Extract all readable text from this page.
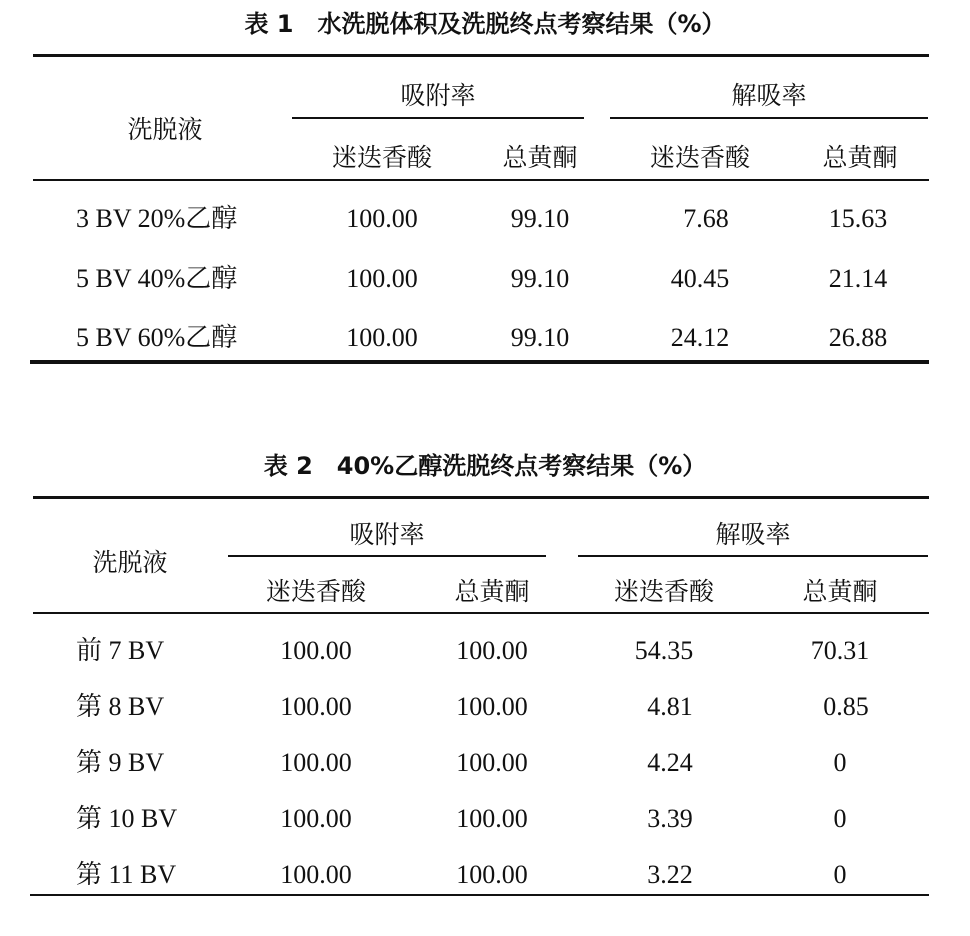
表 1　水洗脱体积及洗脱终点考察结果（%）
洗脱液
吸附率	解吸率
迷迭香酸	总黄酮	迷迭香酸	总黄酮
3 BV 20%乙醇	100.00	99.10	7.68	15.63
5 BV 40%乙醇	100.00	99.10	40.45	21.14
5 BV 60%乙醇	100.00	99.10	24.12	26.88
表 2　40%乙醇洗脱终点考察结果（%）
洗脱液
吸附率	解吸率
迷迭香酸	总黄酮	迷迭香酸	总黄酮
前 7 BV	100.00	100.00	54.35	70.31
第 8 BV	100.00	100.00	4.81	0.85
第 9 BV	100.00	100.00	4.24	0
第 10 BV	100.00	100.00	3.39	0
第 11 BV	100.00	100.00	3.22	0
